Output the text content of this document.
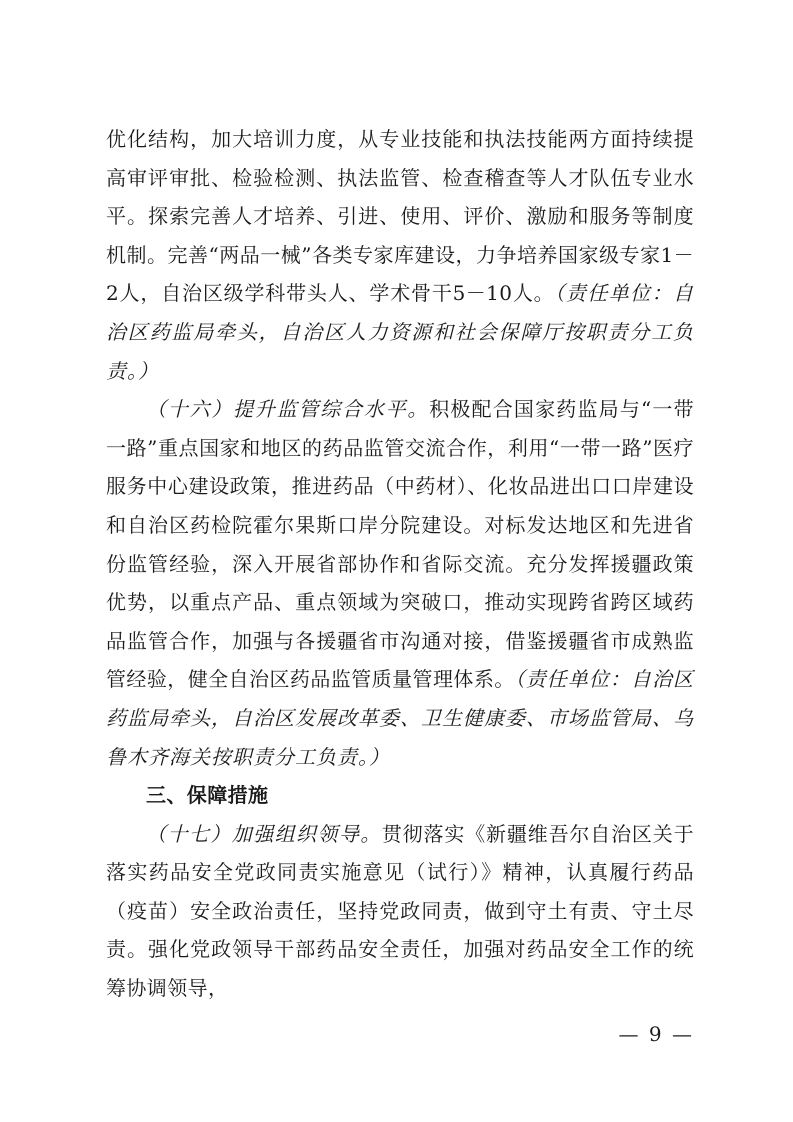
优化结构，加大培训力度，从专业技能和执法技能两方面持续提高审评审批、检验检测、执法监管、检查稽查等人才队伍专业水平。探索完善人才培养、引进、使用、评价、激励和服务等制度机制。完善“两品一械”各类专家库建设，力争培养国家级专家1－2人，自治区级学科带头人、学术骨干5－10人。（责任单位：自治区药监局牵头，自治区人力资源和社会保障厅按职责分工负责。）

（十六）提升监管综合水平。积极配合国家药监局与“一带一路”重点国家和地区的药品监管交流合作，利用“一带一路”医疗服务中心建设政策，推进药品（中药材）、化妆品进出口口岸建设和自治区药检院霍尔果斯口岸分院建设。对标发达地区和先进省份监管经验，深入开展省部协作和省际交流。充分发挥援疆政策优势，以重点产品、重点领域为突破口，推动实现跨省跨区域药品监管合作，加强与各援疆省市沟通对接，借鉴援疆省市成熟监管经验，健全自治区药品监管质量管理体系。（责任单位：自治区药监局牵头，自治区发展改革委、卫生健康委、市场监管局、乌鲁木齐海关按职责分工负责。）

三、保障措施

（十七）加强组织领导。贯彻落实《新疆维吾尔自治区关于落实药品安全党政同责实施意见（试行）》精神，认真履行药品（疫苗）安全政治责任，坚持党政同责，做到守土有责、守土尽责。强化党政领导干部药品安全责任，加强对药品安全工作的统筹协调领导，

— 9 —
